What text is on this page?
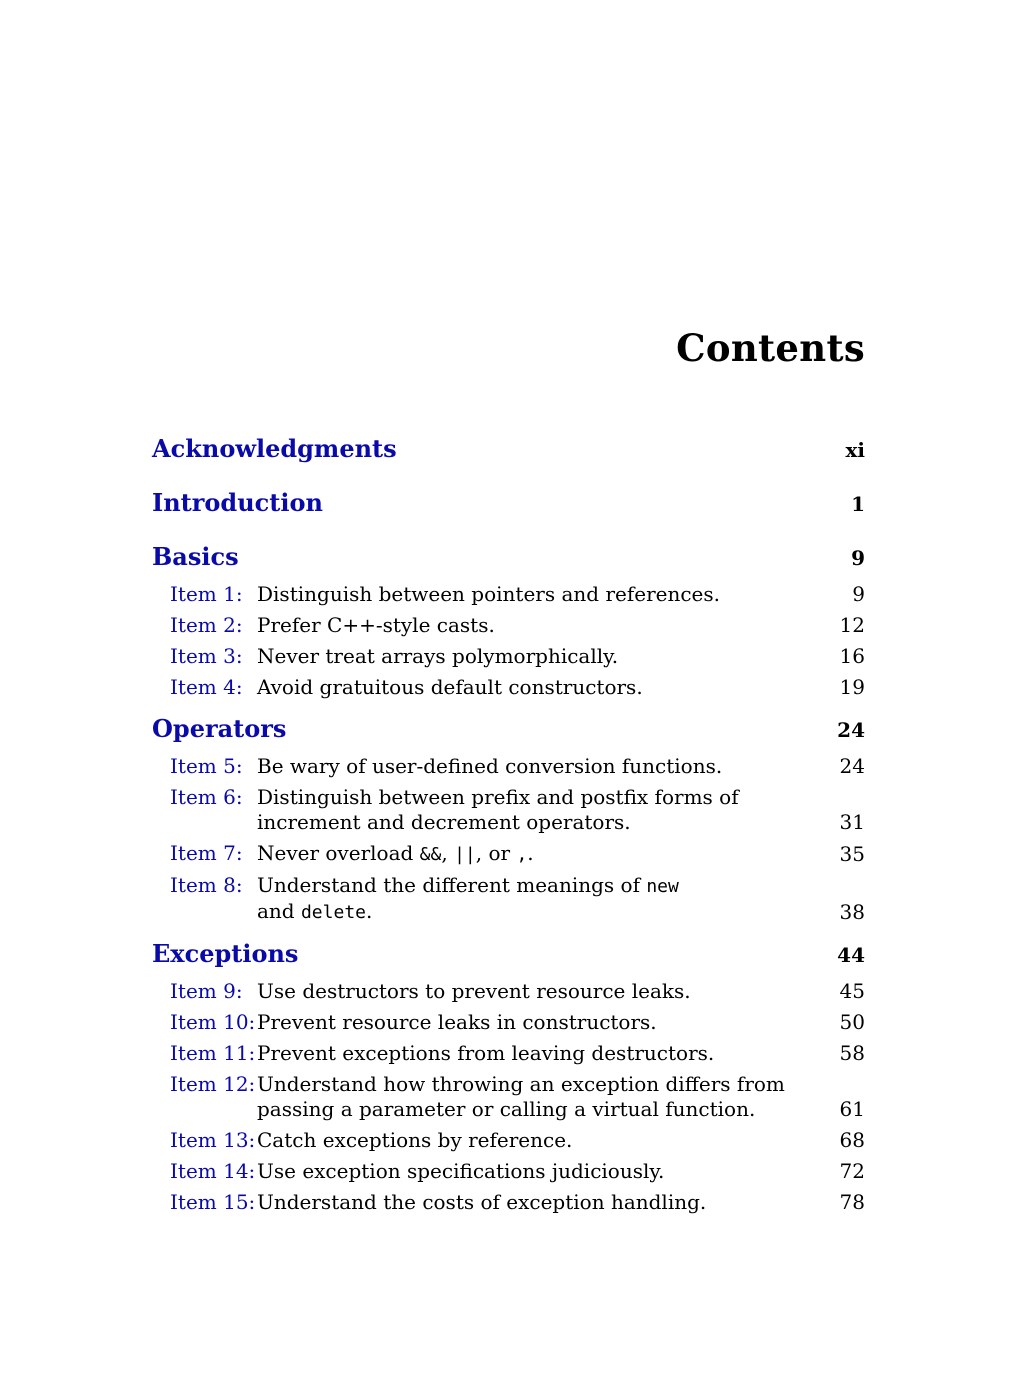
Contents
Acknowledgments	xi
Introduction	1
Basics	9
Item 1: Distinguish between pointers and references.	9
Item 2: Prefer C++-style casts.	12
Item 3: Never treat arrays polymorphically.	16
Item 4: Avoid gratuitous default constructors.	19
Operators	24
Item 5: Be wary of user-defined conversion functions.	24
Item 6: Distinguish between prefix and postfix forms of
increment and decrement operators.	31
Item 7: Never overload &&, ||, or ,.	35
Item 8: Understand the different meanings of new
and delete.	38
Exceptions	44
Item 9: Use destructors to prevent resource leaks.	45
Item 10: Prevent resource leaks in constructors.	50
Item 11: Prevent exceptions from leaving destructors.	58
Item 12: Understand how throwing an exception differs from
passing a parameter or calling a virtual function.	61
Item 13: Catch exceptions by reference.	68
Item 14: Use exception specifications judiciously.	72
Item 15: Understand the costs of exception handling.	78
